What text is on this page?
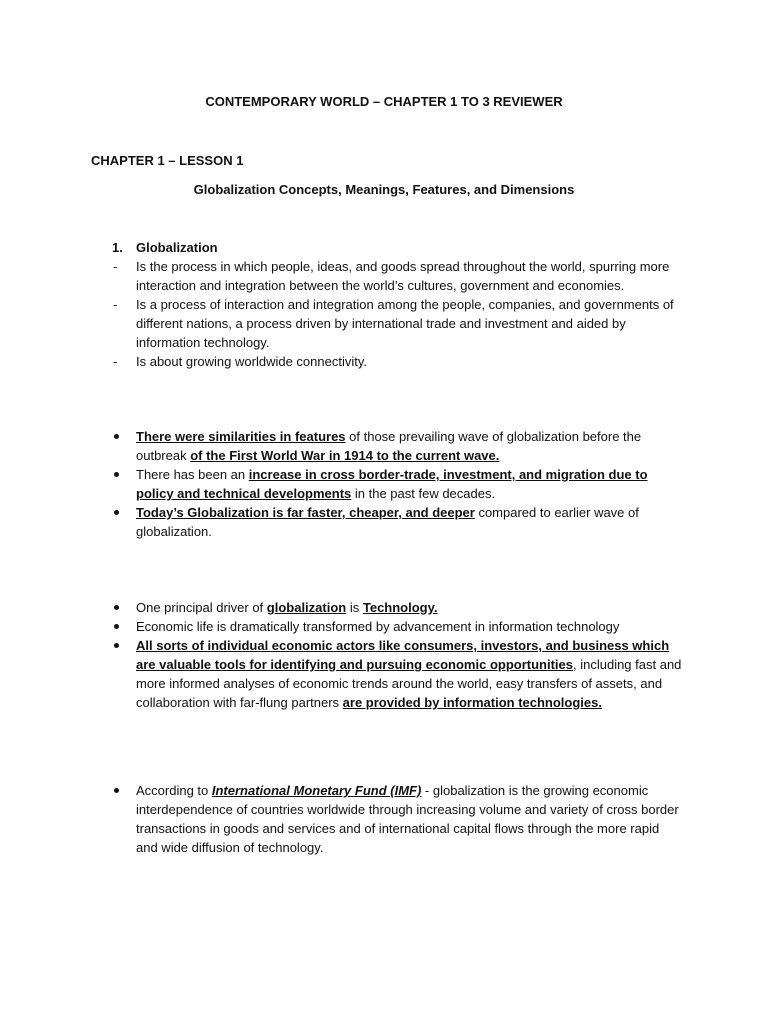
CONTEMPORARY WORLD – CHAPTER 1 TO 3 REVIEWER
CHAPTER 1 – LESSON 1
Globalization Concepts, Meanings, Features, and Dimensions
1. Globalization
- Is the process in which people, ideas, and goods spread throughout the world, spurring more interaction and integration between the world’s cultures, government and economies.
- Is a process of interaction and integration among the people, companies, and governments of different nations, a process driven by international trade and investment and aided by information technology.
- Is about growing worldwide connectivity.
There were similarities in features of those prevailing wave of globalization before the outbreak of the First World War in 1914 to the current wave.
There has been an increase in cross border-trade, investment, and migration due to policy and technical developments in the past few decades.
Today’s Globalization is far faster, cheaper, and deeper compared to earlier wave of globalization.
One principal driver of globalization is Technology.
Economic life is dramatically transformed by advancement in information technology
All sorts of individual economic actors like consumers, investors, and business which are valuable tools for identifying and pursuing economic opportunities, including fast and more informed analyses of economic trends around the world, easy transfers of assets, and collaboration with far-flung partners are provided by information technologies.
According to International Monetary Fund (IMF) - globalization is the growing economic interdependence of countries worldwide through increasing volume and variety of cross border transactions in goods and services and of international capital flows through the more rapid and wide diffusion of technology.
